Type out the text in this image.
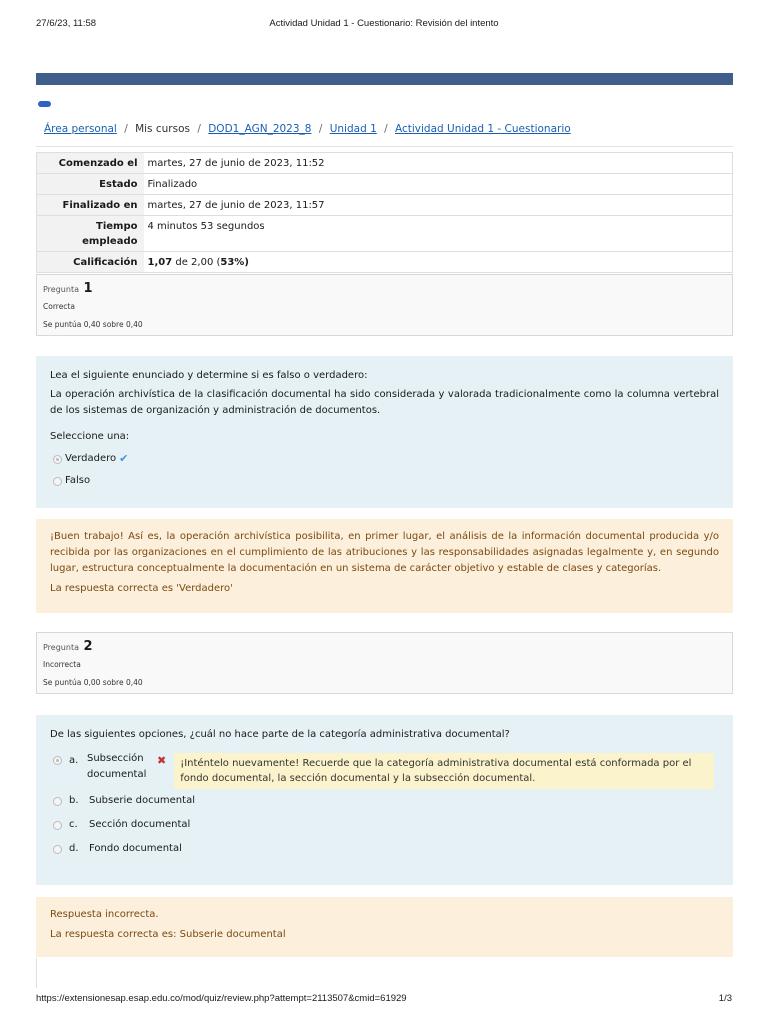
27/6/23, 11:58	Actividad Unidad 1 - Cuestionario: Revisión del intento
Área personal / Mis cursos / DOD1_AGN_2023_8 / Unidad 1 / Actividad Unidad 1 - Cuestionario
Comenzado el	martes, 27 de junio de 2023, 11:52
Estado	Finalizado
Finalizado en	martes, 27 de junio de 2023, 11:57
Tiempo empleado	4 minutos 53 segundos
Calificación	1,07 de 2,00 (53%)
Pregunta 1
Correcta
Se puntúa 0,40 sobre 0,40

Lea el siguiente enunciado y determine si es falso o verdadero:

La operación archivística de la clasificación documental ha sido considerada y valorada tradicionalmente como la columna vertebral de los sistemas de organización y administración de documentos.

Seleccione una:

Verdadero ✔
Falso

¡Buen trabajo! Así es, la operación archivística posibilita, en primer lugar, el análisis de la información documental producida y/o recibida por las organizaciones en el cumplimiento de las atribuciones y las responsabilidades asignadas legalmente y, en segundo lugar, estructura conceptualmente la documentación en un sistema de carácter objetivo y estable de clases y categorías.

La respuesta correcta es 'Verdadero'

Pregunta 2
Incorrecta
Se puntúa 0,00 sobre 0,40

De las siguientes opciones, ¿cuál no hace parte de la categoría administrativa documental?

a. Subsección documental
✖	¡Inténtelo nuevamente! Recuerde que la categoría administrativa documental está conformada por el fondo documental, la sección documental y la subsección documental.
b.	Subserie documental
c.	Sección documental
d.	Fondo documental

Respuesta incorrecta.

La respuesta correcta es: Subserie documental

https://extensionesap.esap.edu.co/mod/quiz/review.php?attempt=2113507&cmid=61929	1/3
